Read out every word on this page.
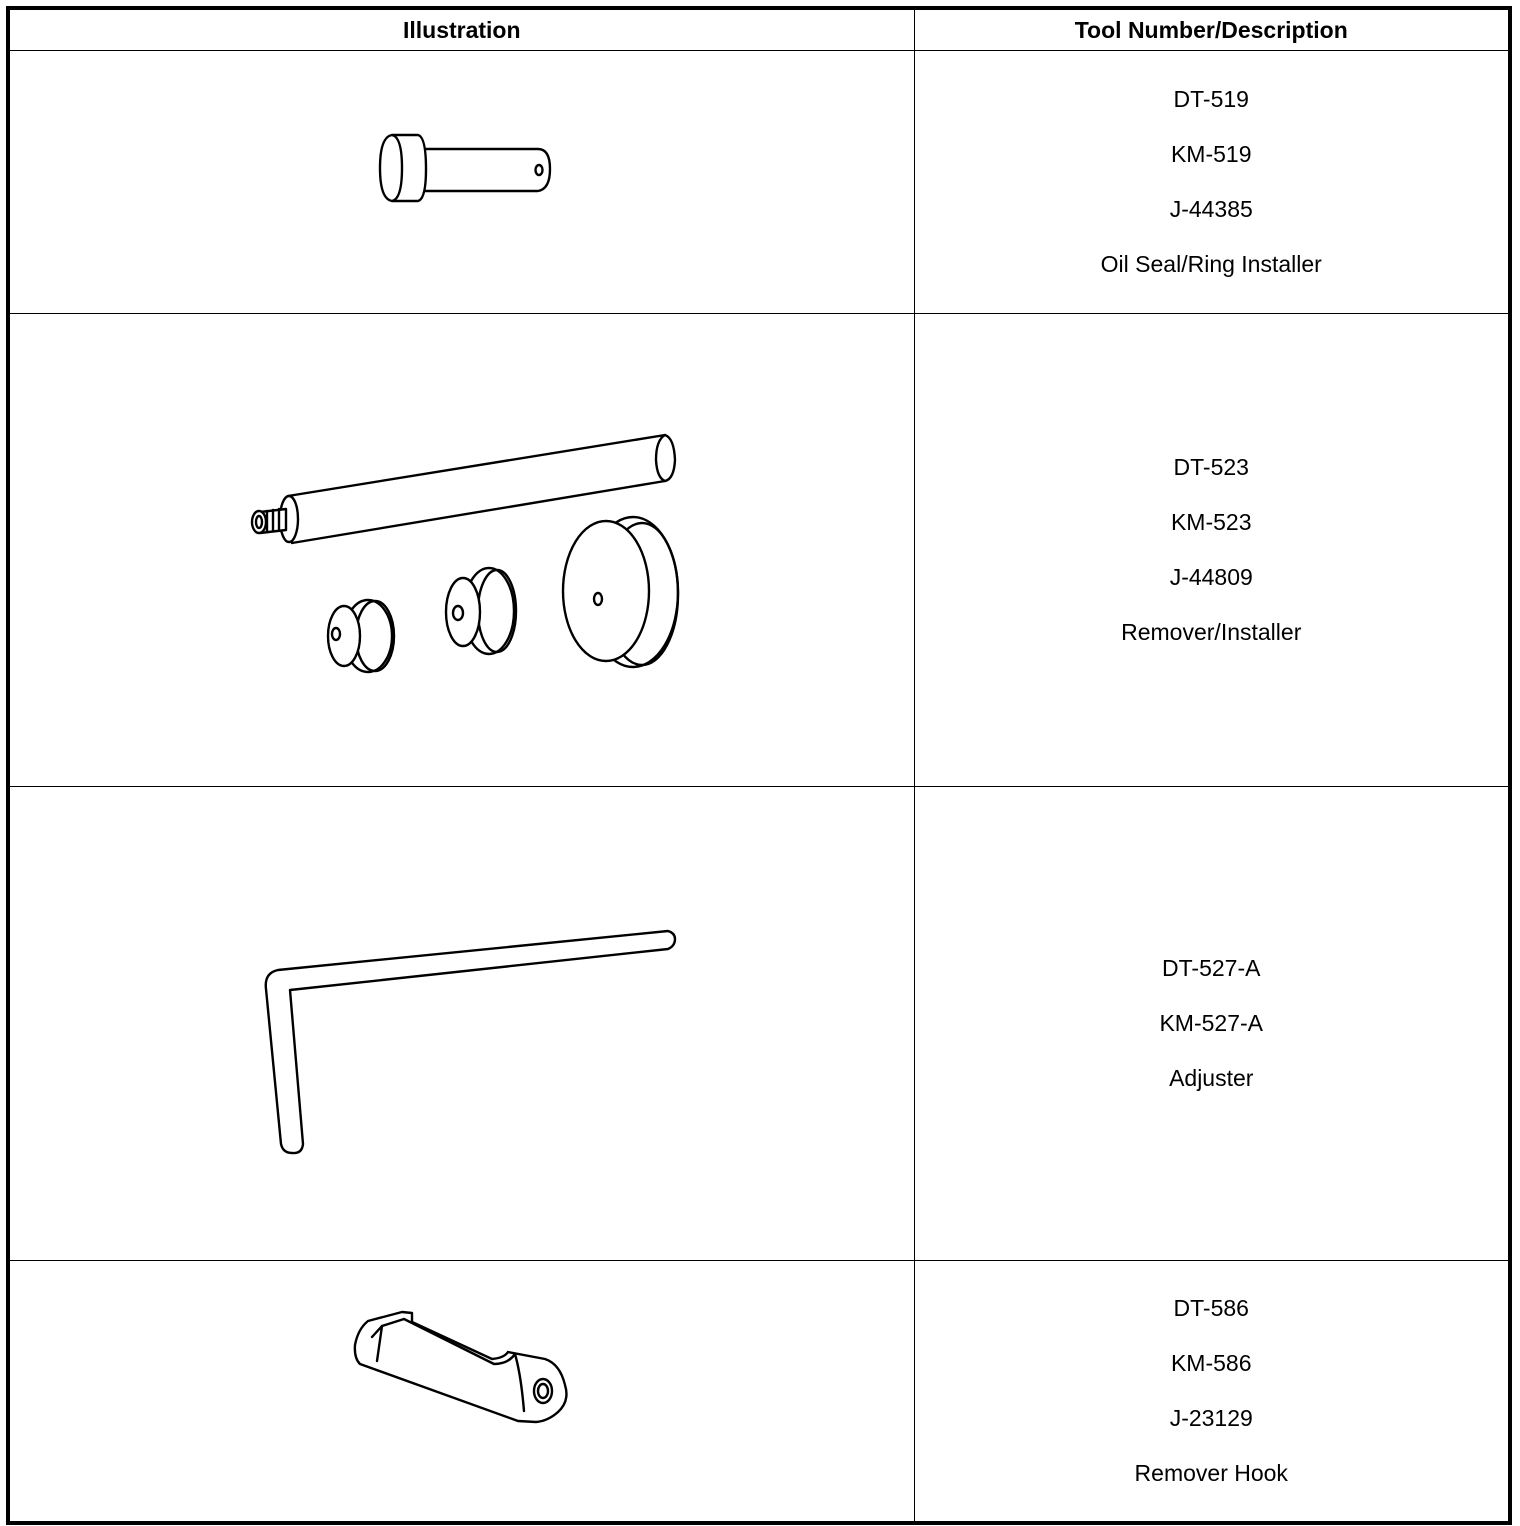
Illustration	Tool Number/Description

DT-519
KM-519
J-44385
Oil Seal/Ring Installer

DT-523
KM-523
J-44809
Remover/Installer

DT-527-A
KM-527-A
Adjuster

DT-586
KM-586
J-23129
Remover Hook
